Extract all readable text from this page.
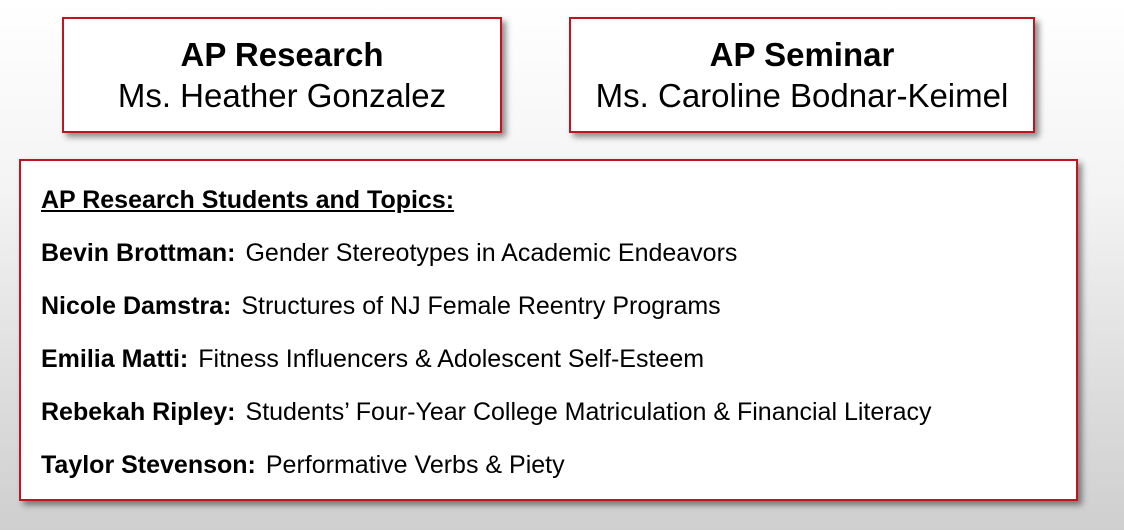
AP Research
Ms. Heather Gonzalez
AP Seminar
Ms. Caroline Bodnar-Keimel
AP Research Students and Topics:
Bevin Brottman: Gender Stereotypes in Academic Endeavors
Nicole Damstra: Structures of NJ Female Reentry Programs
Emilia Matti: Fitness Influencers & Adolescent Self-Esteem
Rebekah Ripley: Students’ Four-Year College Matriculation & Financial Literacy
Taylor Stevenson: Performative Verbs & Piety
